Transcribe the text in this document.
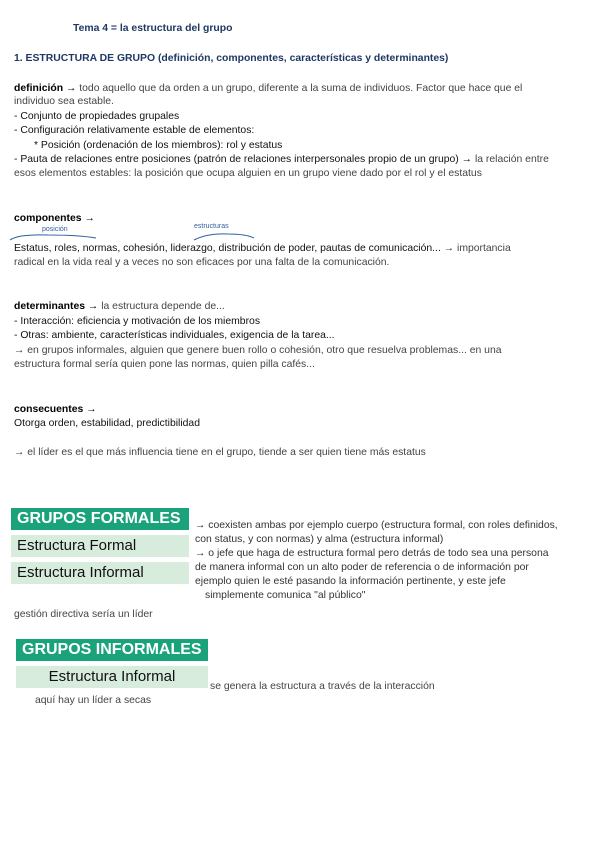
Tema 4 = la estructura del grupo
1. ESTRUCTURA DE GRUPO (definición, componentes, características y determinantes)
definición → todo aquello que da orden a un grupo, diferente a la suma de individuos. Factor que hace que el
individuo sea estable.
- Conjunto de propiedades grupales
- Configuración relativamente estable de elementos:
* Posición (ordenación de los miembros): rol y estatus
- Pauta de relaciones entre posiciones (patrón de relaciones interpersonales propio de un grupo) → la relación entre
esos elementos estables: la posición que ocupa alguien en un grupo viene dado por el rol y el estatus
componentes →
posición	estructuras
Estatus, roles, normas, cohesión, liderazgo, distribución de poder, pautas de comunicación... → importancia
radical en la vida real y a veces no son eficaces por una falta de la comunicación.
determinantes → la estructura depende de...
- Interacción: eficiencia y motivación de los miembros
- Otras: ambiente, características individuales, exigencia de la tarea...
→ en grupos informales, alguien que genere buen rollo o cohesión, otro que resuelva problemas... en una
estructura formal sería quien pone las normas, quien pilla cafés...
consecuentes →
Otorga orden, estabilidad, predictibilidad
→ el líder es el que más influencia tiene en el grupo, tiende a ser quien tiene más estatus
GRUPOS FORMALES
Estructura Formal
Estructura Informal
→ coexisten ambas por ejemplo cuerpo (estructura formal, con roles definidos,
con status, y con normas) y alma (estructura informal)
→ o jefe que haga de estructura formal pero detrás de todo sea una persona
de manera informal con un alto poder de referencia o de información por
ejemplo quien le esté pasando la información pertinente, y este jefe
simplemente comunica "al público"
gestión directiva sería un líder
GRUPOS INFORMALES
Estructura Informal
se genera la estructura a través de la interacción
aquí hay un líder a secas
